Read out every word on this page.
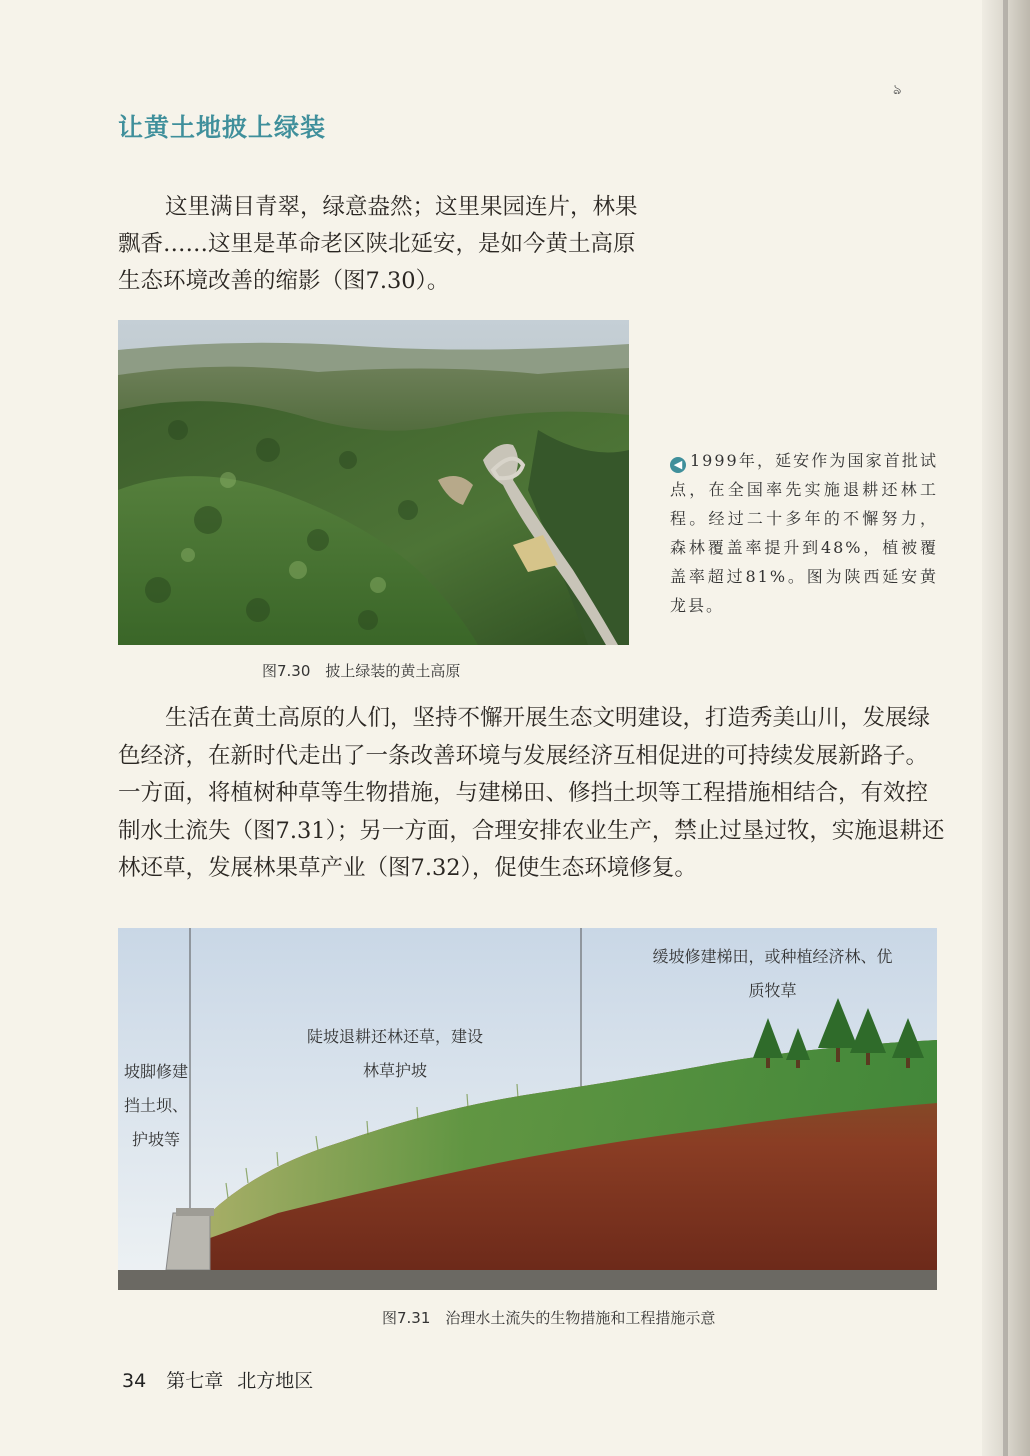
ঌ
让黄土地披上绿装

这里满目青翠，绿意盎然；这里果园连片，林果飘香……这里是革命老区陕北延安，是如今黄土高原生态环境改善的缩影（图7.30）。

图7.30　披上绿装的黄土高原
◀ 1999年，延安作为国家首批试点，在全国率先实施退耕还林工程。经过二十多年的不懈努力，森林覆盖率提升到48%，植被覆盖率超过81%。图为陕西延安黄龙县。

生活在黄土高原的人们，坚持不懈开展生态文明建设，打造秀美山川，发展绿色经济，在新时代走出了一条改善环境与发展经济互相促进的可持续发展新路子。一方面，将植树种草等生物措施，与建梯田、修挡土坝等工程措施相结合，有效控制水土流失（图7.31）；另一方面，合理安排农业生产，禁止过垦过牧，实施退耕还林还草，发展林果草产业（图7.32），促使生态环境修复。

坡脚修建挡土坝、护坡等
陡坡退耕还林还草，建设林草护坡
缓坡修建梯田，或种植经济林、优质牧草
图7.31　治理水土流失的生物措施和工程措施示意
34 第七章 北方地区
